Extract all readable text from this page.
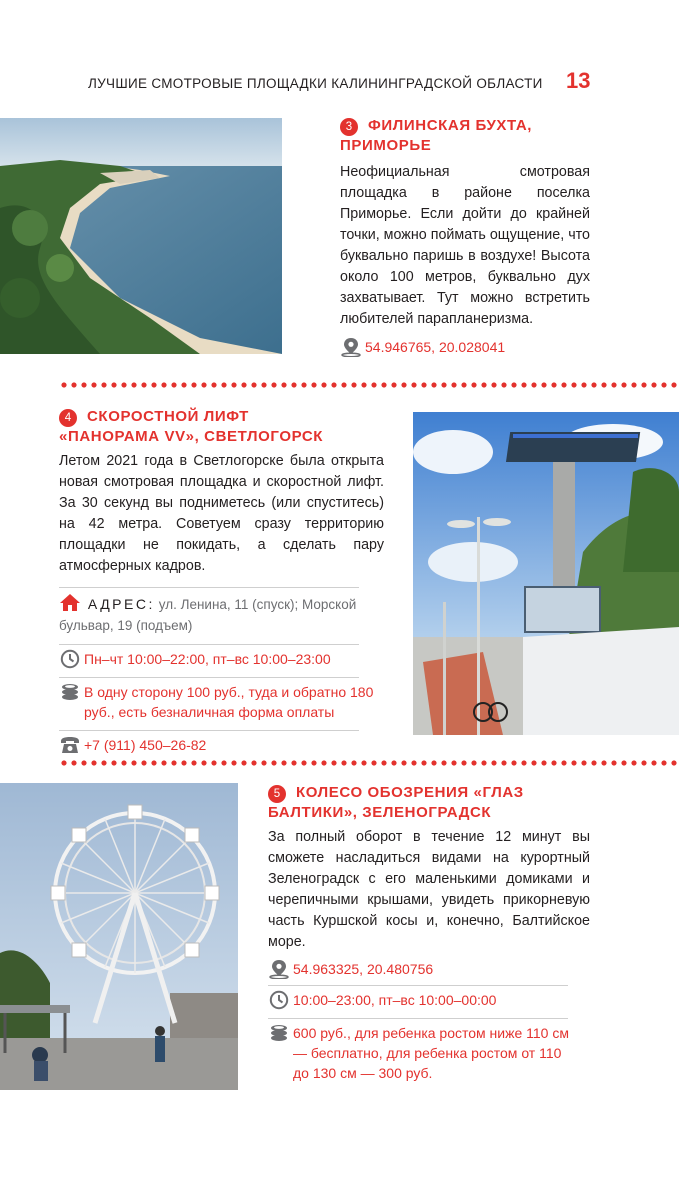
ЛУЧШИЕ СМОТРОВЫЕ ПЛОЩАДКИ КАЛИНИНГРАДСКОЙ ОБЛАСТИ 13
3	ФИЛИНСКАЯ БУХТА,
ПРИМОРЬЕ
Неофициальная смотровая площадка в районе поселка Приморье. Если дойти до крайней точки, можно поймать ощущение, что буквально паришь в воздухе! Высота около 100 метров, буквально дух захватывает. Тут можно встретить любителей парапланеризма.
54.946765, 20.028041
4	СКОРОСТНОЙ ЛИФТ
«ПАНОРАМА VV», СВЕТЛОГОРСК
Летом 2021 года в Светлогорске была открыта новая смотровая площадка и скоростной лифт. За 30 секунд вы подниметесь (или спуститесь) на 42 метра. Советуем сразу территорию площадки не покидать, а сделать пару атмосферных кадров.
АДРЕС: ул. Ленина, 11 (спуск); Морской бульвар, 19 (подъем)
Пн–чт 10:00–22:00, пт–вс 10:00–23:00
В одну сторону 100 руб., туда и обратно 180 руб., есть безналичная форма оплаты
+7 (911) 450–26-82
5	КОЛЕСО ОБОЗРЕНИЯ «ГЛАЗ
БАЛТИКИ», ЗЕЛЕНОГРАДСК
За полный оборот в течение 12 минут вы сможете насладиться видами на курортный Зеленоградск с его маленькими домиками и черепичными крышами, увидеть прикорневую часть Куршской косы и, конечно, Балтийское море.
54.963325, 20.480756
10:00–23:00, пт–вс 10:00–00:00
600 руб., для ребенка ростом ниже 110 см — бесплатно, для ребенка ростом от 110 до 130 см — 300 руб.
